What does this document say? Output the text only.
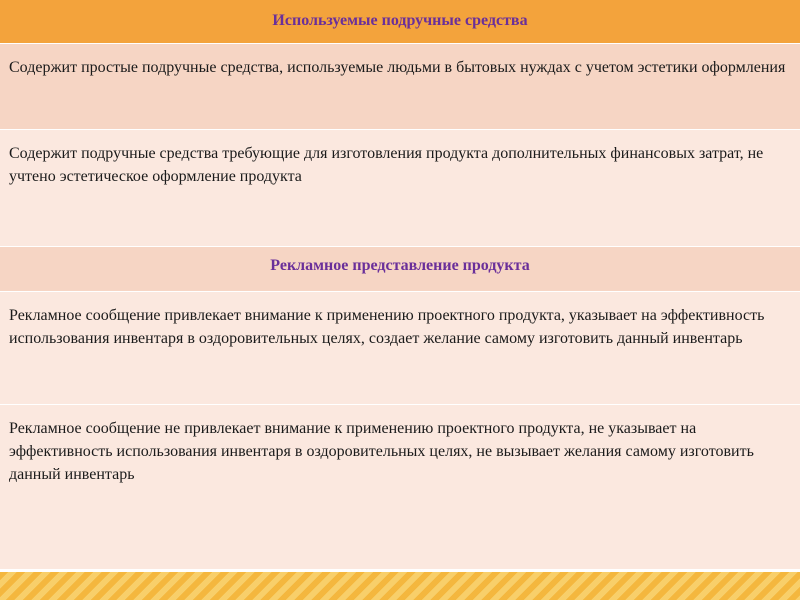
Используемые подручные средства
Содержит простые подручные средства, используемые людьми в бытовых нуждах с учетом эстетики оформления
Содержит подручные средства требующие для изготовления продукта дополнительных финансовых затрат, не учтено эстетическое оформление продукта
Рекламное представление продукта
Рекламное сообщение привлекает внимание к применению проектного продукта, указывает на эффективность использования инвентаря в оздоровительных целях, создает желание самому изготовить данный инвентарь
Рекламное сообщение не привлекает внимание к применению проектного продукта, не указывает на эффективность использования инвентаря в оздоровительных целях, не вызывает желания самому изготовить данный инвентарь
